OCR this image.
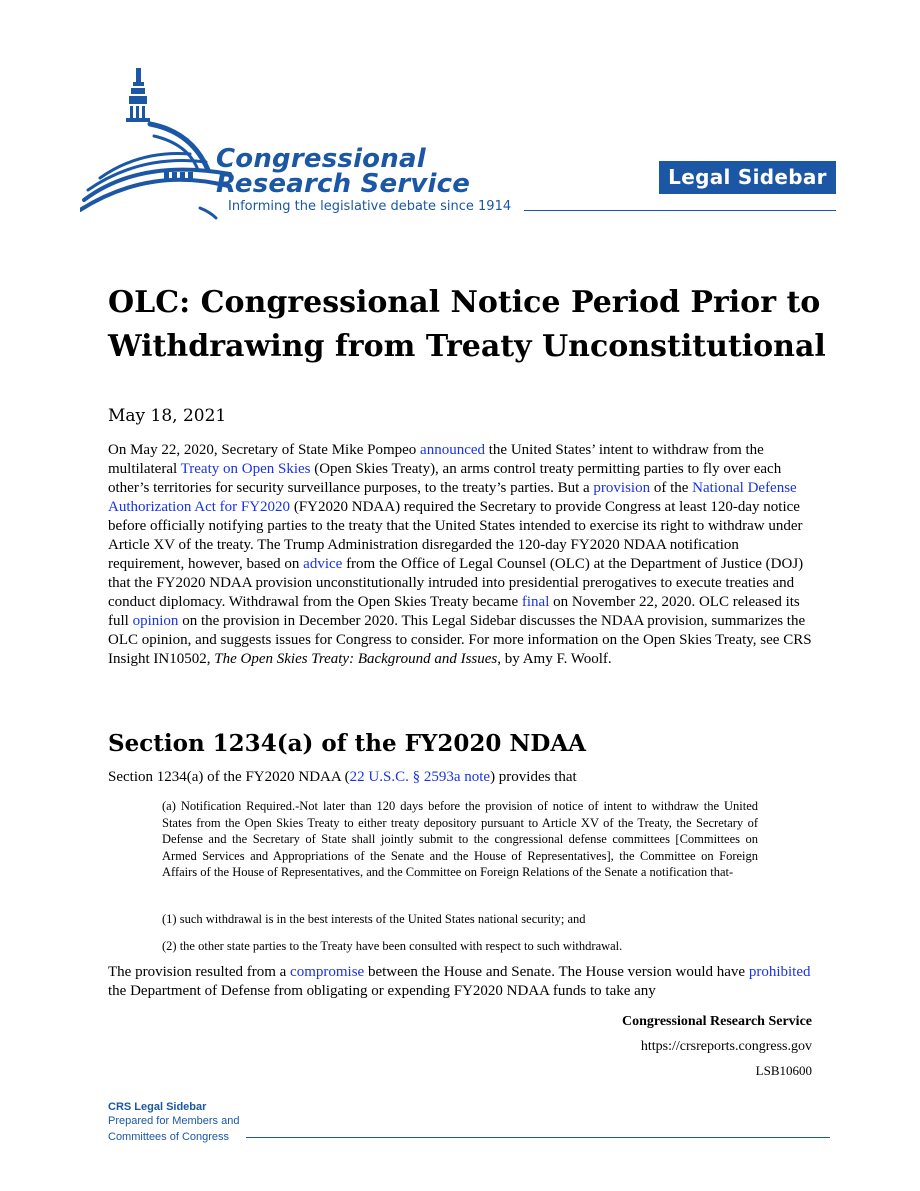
Congressional
Research Service
Informing the legislative debate since 1914
Legal Sidebar
OLC: Congressional Notice Period Prior to Withdrawing from Treaty Unconstitutional
May 18, 2021
On May 22, 2020, Secretary of State Mike Pompeo announced the United States’ intent to withdraw from the multilateral Treaty on Open Skies (Open Skies Treaty), an arms control treaty permitting parties to fly over each other’s territories for security surveillance purposes, to the treaty’s parties. But a provision of the National Defense Authorization Act for FY2020 (FY2020 NDAA) required the Secretary to provide Congress at least 120-day notice before officially notifying parties to the treaty that the United States intended to exercise its right to withdraw under Article XV of the treaty. The Trump Administration disregarded the 120-day FY2020 NDAA notification requirement, however, based on advice from the Office of Legal Counsel (OLC) at the Department of Justice (DOJ) that the FY2020 NDAA provision unconstitutionally intruded into presidential prerogatives to execute treaties and conduct diplomacy. Withdrawal from the Open Skies Treaty became final on November 22, 2020. OLC released its full opinion on the provision in December 2020. This Legal Sidebar discusses the NDAA provision, summarizes the OLC opinion, and suggests issues for Congress to consider. For more information on the Open Skies Treaty, see CRS Insight IN10502, The Open Skies Treaty: Background and Issues, by Amy F. Woolf.
Section 1234(a) of the FY2020 NDAA
Section 1234(a) of the FY2020 NDAA (22 U.S.C. § 2593a note) provides that
(a) Notification Required.-Not later than 120 days before the provision of notice of intent to withdraw the United States from the Open Skies Treaty to either treaty depository pursuant to Article XV of the Treaty, the Secretary of Defense and the Secretary of State shall jointly submit to the congressional defense committees [Committees on Armed Services and Appropriations of the Senate and the House of Representatives], the Committee on Foreign Affairs of the House of Representatives, and the Committee on Foreign Relations of the Senate a notification that-
(1) such withdrawal is in the best interests of the United States national security; and
(2) the other state parties to the Treaty have been consulted with respect to such withdrawal.
The provision resulted from a compromise between the House and Senate. The House version would have prohibited the Department of Defense from obligating or expending FY2020 NDAA funds to take any
Congressional Research Service
https://crsreports.congress.gov
LSB10600
CRS Legal Sidebar
Prepared for Members and
Committees of Congress
